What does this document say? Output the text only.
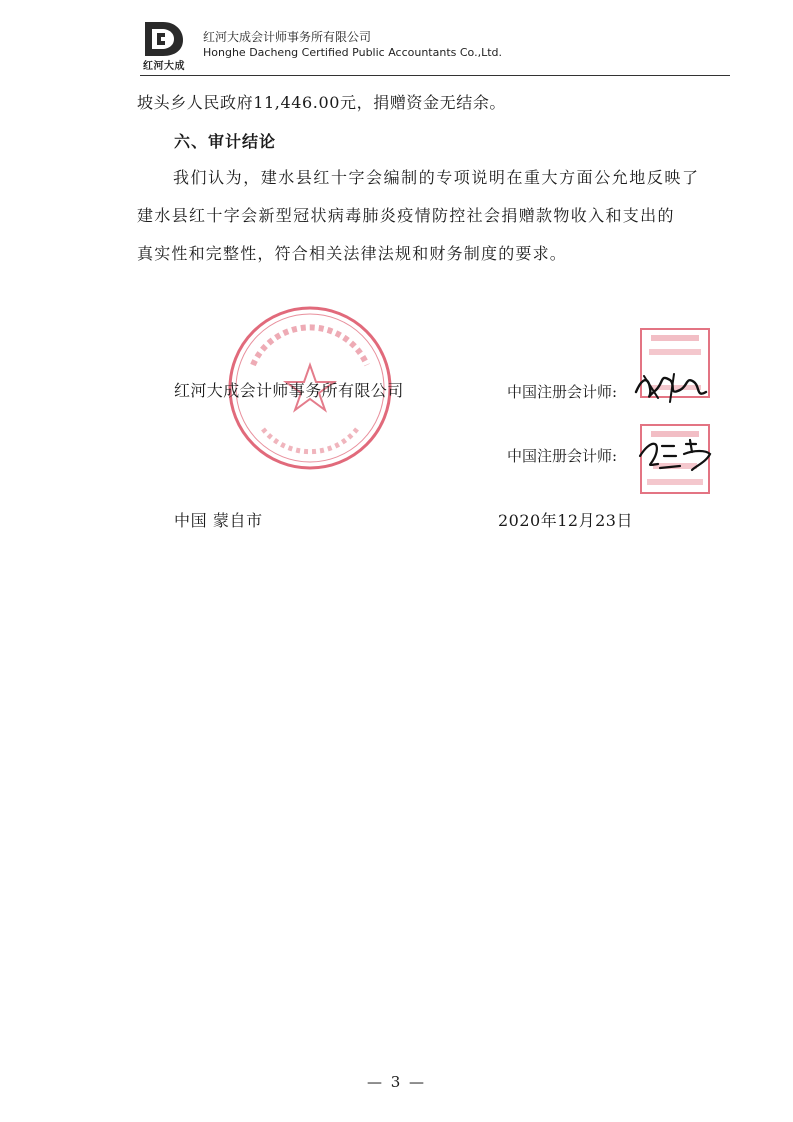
红河大成
红河大成会计师事务所有限公司
Honghe Dacheng Certified Public Accountants Co.,Ltd.
坡头乡人民政府11,446.00元，捐赠资金无结余。
六、审计结论
我们认为，建水县红十字会编制的专项说明在重大方面公允地反映了
建水县红十字会新型冠状病毒肺炎疫情防控社会捐赠款物收入和支出的
真实性和完整性，符合相关法律法规和财务制度的要求。
红河大成会计师事务所有限公司	中国注册会计师:
中国注册会计师:
中国 蒙自市	2020年12月23日
— 3 —
